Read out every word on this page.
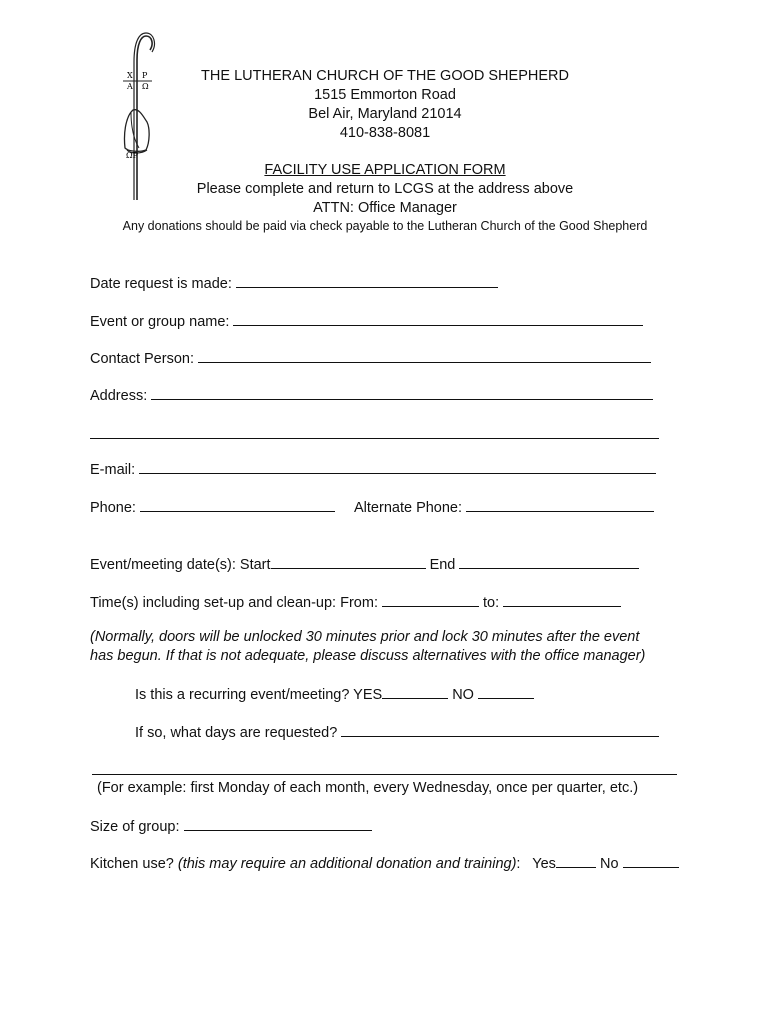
X P
A Ω
ΩP
THE LUTHERAN CHURCH OF THE GOOD SHEPHERD
1515 Emmorton Road
Bel Air, Maryland 21014
410-838-8081
FACILITY USE APPLICATION FORM
Please complete and return to LCGS at the address above
ATTN: Office Manager
Any donations should be paid via check payable to the Lutheran Church of the Good Shepherd
Date request is made:
Event or group name:
Contact Person:
Address:
E-mail:
Phone:	Alternate Phone:
Event/meeting date(s): Start	End
Time(s) including set-up and clean-up: From:	to:
(Normally, doors will be unlocked 30 minutes prior and lock 30 minutes after the event
has begun. If that is not adequate, please discuss alternatives with the office manager)
Is this a recurring event/meeting? YES	NO
If so, what days are requested?
(For example: first Monday of each month, every Wednesday, once per quarter, etc.)
Size of group:
Kitchen use? (this may require an additional donation and training): Yes	No
